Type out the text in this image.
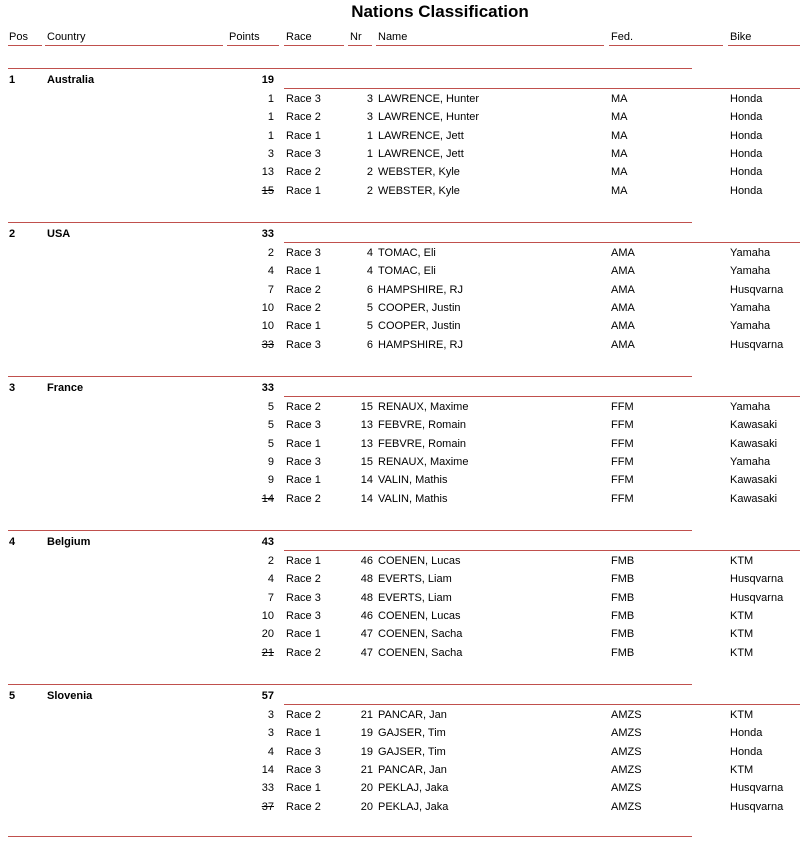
Nations Classification
Pos Country	Points Race	Nr Name	Fed.	Bike
1	Australia	19
1 Race 3	3 LAWRENCE, Hunter	MA	Honda
1 Race 2	3 LAWRENCE, Hunter	MA	Honda
1 Race 1	1 LAWRENCE, Jett	MA	Honda
3 Race 3	1 LAWRENCE, Jett	MA	Honda
13 Race 2	2 WEBSTER, Kyle	MA	Honda
15 Race 1	2 WEBSTER, Kyle	MA	Honda
2	USA	33
2 Race 3	4 TOMAC, Eli	AMA	Yamaha
4 Race 1	4 TOMAC, Eli	AMA	Yamaha
7 Race 2	6 HAMPSHIRE, RJ	AMA	Husqvarna
10 Race 2	5 COOPER, Justin	AMA	Yamaha
10 Race 1	5 COOPER, Justin	AMA	Yamaha
33 Race 3	6 HAMPSHIRE, RJ	AMA	Husqvarna
3	France	33
5 Race 2	15 RENAUX, Maxime	FFM	Yamaha
5 Race 3	13 FEBVRE, Romain	FFM	Kawasaki
5 Race 1	13 FEBVRE, Romain	FFM	Kawasaki
9 Race 3	15 RENAUX, Maxime	FFM	Yamaha
9 Race 1	14 VALIN, Mathis	FFM	Kawasaki
14 Race 2	14 VALIN, Mathis	FFM	Kawasaki
4	Belgium	43
2 Race 1	46 COENEN, Lucas	FMB	KTM
4 Race 2	48 EVERTS, Liam	FMB	Husqvarna
7 Race 3	48 EVERTS, Liam	FMB	Husqvarna
10 Race 3	46 COENEN, Lucas	FMB	KTM
20 Race 1	47 COENEN, Sacha	FMB	KTM
21 Race 2	47 COENEN, Sacha	FMB	KTM
5	Slovenia	57
3 Race 2	21 PANCAR, Jan	AMZS	KTM
3 Race 1	19 GAJSER, Tim	AMZS	Honda
4 Race 3	19 GAJSER, Tim	AMZS	Honda
14 Race 3	21 PANCAR, Jan	AMZS	KTM
33 Race 1	20 PEKLAJ, Jaka	AMZS	Husqvarna
37 Race 2	20 PEKLAJ, Jaka	AMZS	Husqvarna
